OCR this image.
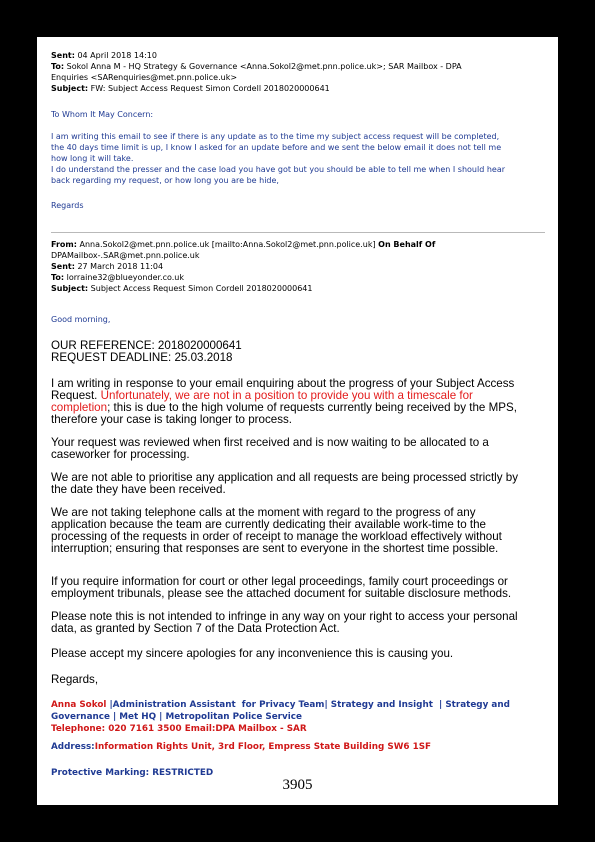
Sent: 04 April 2018 14:10
To: Sokol Anna M - HQ Strategy & Governance <Anna.Sokol2@met.pnn.police.uk>; SAR Mailbox - DPA
Enquiries <SARenquiries@met.pnn.police.uk>
Subject: FW: Subject Access Request Simon Cordell 2018020000641
To Whom It May Concern:
I am writing this email to see if there is any update as to the time my subject access request will be completed,
the 40 days time limit is up, I know I asked for an update before and we sent the below email it does not tell me
how long it will take.
I do understand the presser and the case load you have got but you should be able to tell me when I should hear
back regarding my request, or how long you are be hide,
Regards
From: Anna.Sokol2@met.pnn.police.uk [mailto:Anna.Sokol2@met.pnn.police.uk] On Behalf Of
DPAMailbox-.SAR@met.pnn.police.uk
Sent: 27 March 2018 11:04
To: lorraine32@blueyonder.co.uk
Subject: Subject Access Request Simon Cordell 2018020000641
Good morning,
OUR REFERENCE: 2018020000641
REQUEST DEADLINE: 25.03.2018
I am writing in response to your email enquiring about the progress of your Subject Access
Request. Unfortunately, we are not in a position to provide you with a timescale for
completion; this is due to the high volume of requests currently being received by the MPS,
therefore your case is taking longer to process.
Your request was reviewed when first received and is now waiting to be allocated to a
caseworker for processing.
We are not able to prioritise any application and all requests are being processed strictly by
the date they have been received.
We are not taking telephone calls at the moment with regard to the progress of any
application because the team are currently dedicating their available work-time to the
processing of the requests in order of receipt to manage the workload effectively without
interruption; ensuring that responses are sent to everyone in the shortest time possible.
If you require information for court or other legal proceedings, family court proceedings or
employment tribunals, please see the attached document for suitable disclosure methods.
Please note this is not intended to infringe in any way on your right to access your personal
data, as granted by Section 7 of the Data Protection Act.
Please accept my sincere apologies for any inconvenience this is causing you.
Regards,
Anna Sokol |Administration Assistant  for Privacy Team| Strategy and Insight  | Strategy and
Governance | Met HQ | Metropolitan Police Service
Telephone: 020 7161 3500 Email:DPA Mailbox - SAR
Address:Information Rights Unit, 3rd Floor, Empress State Building SW6 1SF
Protective Marking: RESTRICTED
3905
